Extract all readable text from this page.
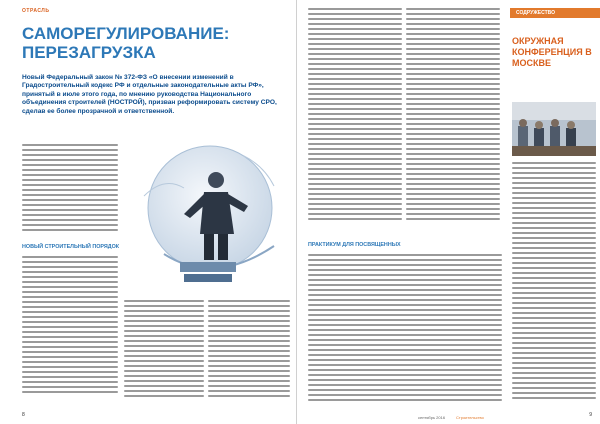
ОТРАСЛЬ
САМОРЕГУЛИРОВАНИЕ: ПЕРЕЗАГРУЗКА
Новый Федеральный закон № 372-ФЗ «О внесении изменений в Градостроительный кодекс РФ и отдельные законодательные акты РФ», принятый в июле этого года, по мнению руководства Национального объединения строителей (НОСТРОЙ), призван реформировать систему СРО, сделав ее более прозрачной и ответственной.
НОВЫЙ СТРОИТЕЛЬНЫЙ ПОРЯДОК
8
ПРАКТИКУМ ДЛЯ ПОСВЯЩЕННЫХ
9
сентябрь 2016	Строительство
СОДРУЖЕСТВО
ОКРУЖНАЯ КОНФЕРЕНЦИЯ В МОСКВЕ
